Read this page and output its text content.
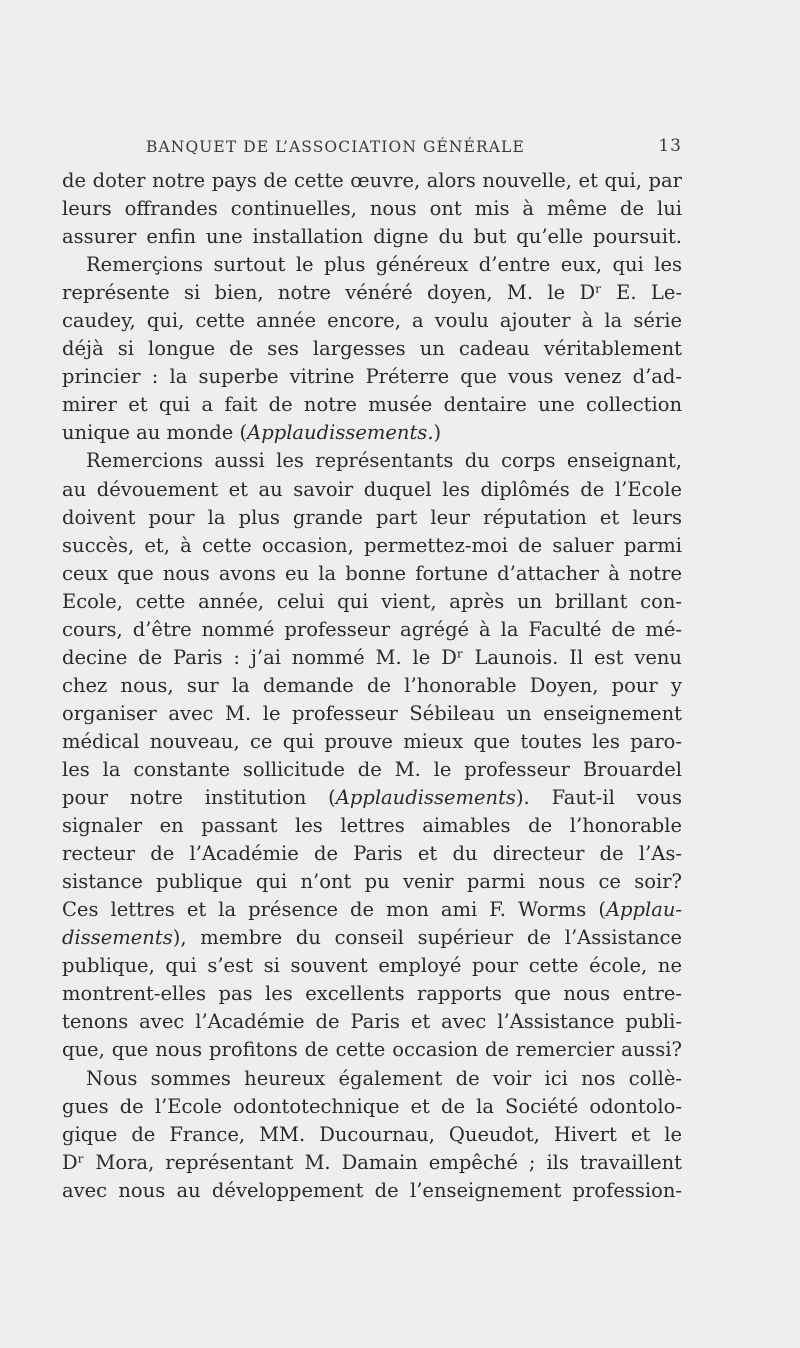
BANQUET DE L’ASSOCIATION GÉNÉRALE	13
de doter notre pays de cette œuvre, alors nouvelle, et qui, par
leurs offrandes continuelles, nous ont mis à même de lui
assurer enfin une installation digne du but qu’elle poursuit.
Remerçions surtout le plus généreux d’entre eux, qui les
représente si bien, notre vénéré doyen, M. le Dʳ E. Le-
caudey, qui, cette année encore, a voulu ajouter à la série
déjà si longue de ses largesses un cadeau véritablement
princier : la superbe vitrine Préterre que vous venez d’ad-
mirer et qui a fait de notre musée dentaire une collection
unique au monde (Applaudissements.)
Remercions aussi les représentants du corps enseignant,
au dévouement et au savoir duquel les diplômés de l’Ecole
doivent pour la plus grande part leur réputation et leurs
succès, et, à cette occasion, permettez-moi de saluer parmi
ceux que nous avons eu la bonne fortune d’attacher à notre
Ecole, cette année, celui qui vient, après un brillant con-
cours, d’être nommé professeur agrégé à la Faculté de mé-
decine de Paris : j’ai nommé M. le Dʳ Launois. Il est venu
chez nous, sur la demande de l’honorable Doyen, pour y
organiser avec M. le professeur Sébileau un enseignement
médical nouveau, ce qui prouve mieux que toutes les paro-
les la constante sollicitude de M. le professeur Brouardel
pour notre institution (Applaudissements). Faut-il vous
signaler en passant les lettres aimables de l’honorable
recteur de l’Académie de Paris et du directeur de l’As-
sistance publique qui n’ont pu venir parmi nous ce soir?
Ces lettres et la présence de mon ami F. Worms (Applau-
dissements), membre du conseil supérieur de l’Assistance
publique, qui s’est si souvent employé pour cette école, ne
montrent-elles pas les excellents rapports que nous entre-
tenons avec l’Académie de Paris et avec l’Assistance publi-
que, que nous profitons de cette occasion de remercier aussi?
Nous sommes heureux également de voir ici nos collè-
gues de l’Ecole odontotechnique et de la Société odontolo-
gique de France, MM. Ducournau, Queudot, Hivert et le
Dʳ Mora, représentant M. Damain empêché ; ils travaillent
avec nous au développement de l’enseignement profession-
